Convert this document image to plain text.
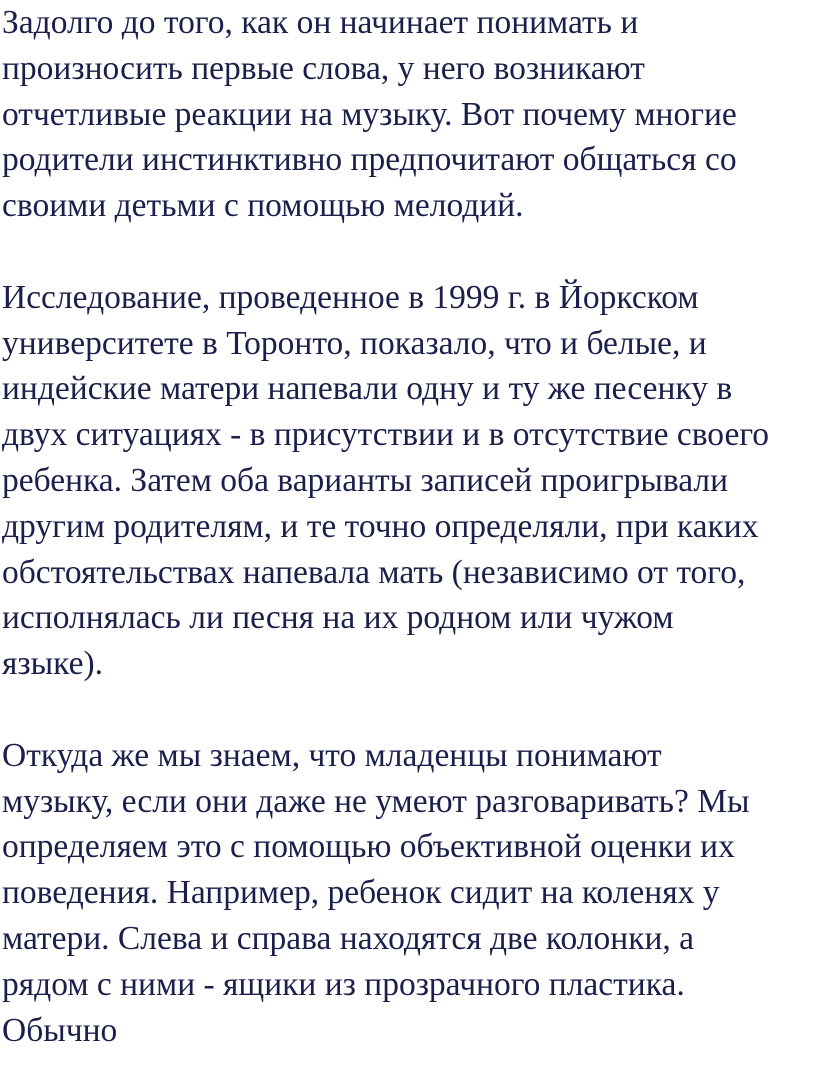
Задолго до того, как он начинает понимать и
произносить первые слова, у него возникают
отчетливые реакции на музыку. Вот почему многие
родители инстинктивно предпочитают общаться со
своими детьми с помощью мелодий.
Исследование, проведенное в 1999 г. в Йоркском
университете в Торонто, показало, что и белые, и
индейские матери напевали одну и ту же песенку в
двух ситуациях - в присутствии и в отсутствие своего
ребенка. Затем оба варианты записей проигрывали
другим родителям, и те точно определяли, при каких
обстоятельствах напевала мать (независимо от того,
исполнялась ли песня на их родном или чужом
языке).
Откуда же мы знаем, что младенцы понимают
музыку, если они даже не умеют разговаривать? Мы
определяем это с помощью объективной оценки их
поведения. Например, ребенок сидит на коленях у
матери. Слева и справа находятся две колонки, а
рядом с ними - ящики из прозрачного пластика.
Обычно
